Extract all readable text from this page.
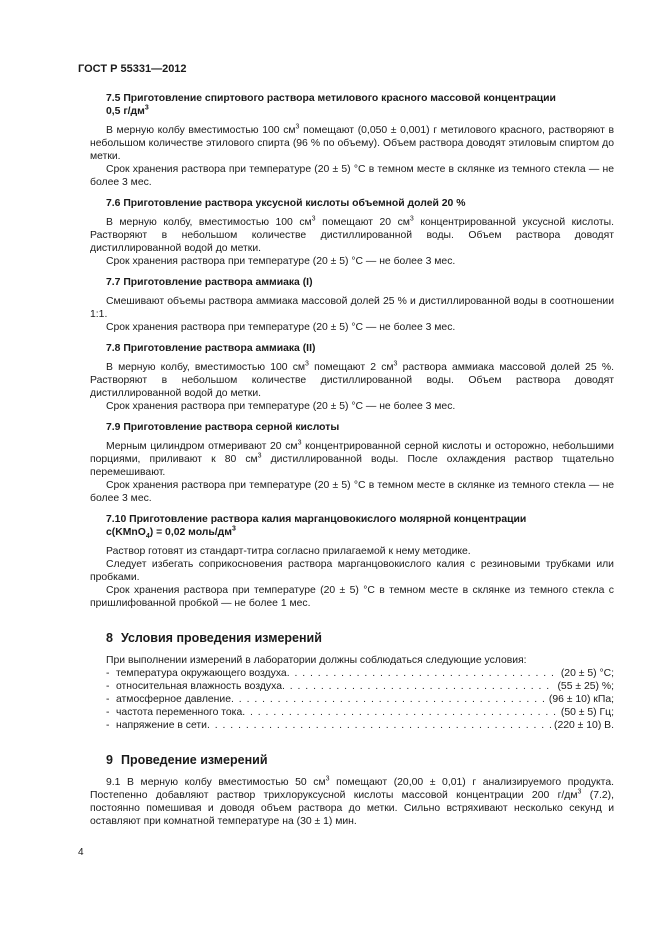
ГОСТ Р 55331—2012

7.5 Приготовление спиртового раствора метилового красного массовой концентрации
0,5 $г/дм^3$

В мерную колбу вместимостью 100 $см^3$ помещают (0,050 ± 0,001) г метилового красного, растворяют в небольшом количестве этилового спирта (96 % по объему). Объем раствора доводят этиловым спиртом до метки.

Срок хранения раствора при температуре (20 ± 5) °С в темном месте в склянке из темного стекла — не более 3 мес.

7.6 Приготовление раствора уксусной кислоты объемной долей 20 %

В мерную колбу, вместимостью 100 $см^3$ помещают 20 $см^3$ концентрированной уксусной кислоты. Растворяют в небольшом количестве дистиллированной воды. Объем раствора доводят дистиллированной водой до метки.

Срок хранения раствора при температуре (20 ± 5) °С — не более 3 мес.

7.7 Приготовление раствора аммиака (I)

Смешивают объемы раствора аммиака массовой долей 25 % и дистиллированной воды в соотношении 1:1.

Срок хранения раствора при температуре (20 ± 5) °С — не более 3 мес.

7.8 Приготовление раствора аммиака (II)

В мерную колбу, вместимостью 100 $см^3$ помещают 2 $см^3$ раствора аммиака массовой долей 25 %. Растворяют в небольшом количестве дистиллированной воды. Объем раствора доводят дистиллированной водой до метки.

Срок хранения раствора при температуре (20 ± 5) °С — не более 3 мес.

7.9 Приготовление раствора серной кислоты

Мерным цилиндром отмеривают 20 $см^3$ концентрированной серной кислоты и осторожно, небольшими порциями, приливают к 80 $см^3$ дистиллированной воды. После охлаждения раствор тщательно перемешивают.

Срок хранения раствора при температуре (20 ± 5) °С в темном месте в склянке из темного стекла — не более 3 мес.

7.10 Приготовление раствора калия марганцовокислого молярной концентрации
с(KMnO$_4$) = 0,02 моль/$дм^3$

Раствор готовят из стандарт-титра согласно прилагаемой к нему методике.

Следует избегать соприкосновения раствора марганцовокислого калия с резиновыми трубками или пробками.

Срок хранения раствора при температуре (20 ± 5) °С в темном месте в склянке из темного стекла с пришлифованной пробкой — не более 1 мес.

8 Условия проведения измерений

При выполнении измерений в лаборатории должны соблюдаться следующие условия:

- температура окружающего воздуха . . .	(20 ± 5) °С;
- относительная влажность воздуха . . .	(55 ± 25) %;
- атмосферное давление . . .	(96 ± 10) кПа;
- частота переменного тока . . .	(50 ± 5) Гц;
- напряжение в сети . . .	(220 ± 10) В.

9 Проведение измерений

9.1 В мерную колбу вместимостью 50 $см^3$ помещают (20,00 ± 0,01) г анализируемого продукта. Постепенно добавляют раствор трихлоруксусной кислоты массовой концентрации 200 $г/дм^3$ (7.2), постоянно помешивая и доводя объем раствора до метки. Сильно встряхивают несколько секунд и оставляют при комнатной температуре на (30 ± 1) мин.

4
